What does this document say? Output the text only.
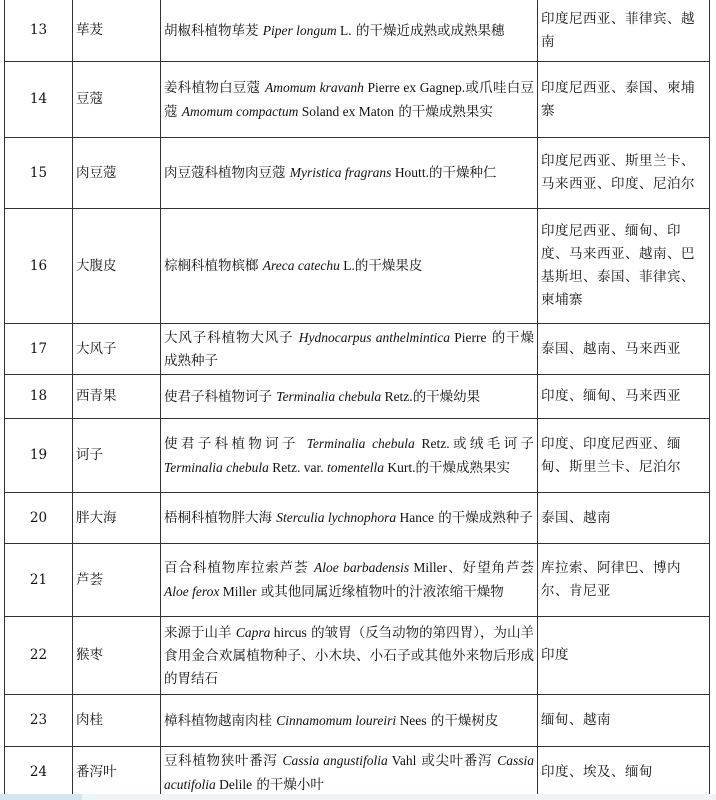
13	荜茇	胡椒科植物荜茇 Piper longum L. 的干燥近成熟或成熟果穗	印度尼西亚、菲律宾、越南
14	豆蔻	姜科植物白豆蔻 Amomum kravanh Pierre ex Gagnep.或爪哇白豆蔻 Amomum compactum Soland ex Maton 的干燥成熟果实	印度尼西亚、泰国、柬埔寨
15	肉豆蔻	肉豆蔻科植物肉豆蔻 Myristica fragrans Houtt.的干燥种仁	印度尼西亚、斯里兰卡、马来西亚、印度、尼泊尔
16	大腹皮	棕榈科植物槟榔 Areca catechu L.的干燥果皮	印度尼西亚、缅甸、印度、马来西亚、越南、巴基斯坦、泰国、菲律宾、柬埔寨
17	大风子	大风子科植物大风子 Hydnocarpus anthelmintica Pierre 的干燥成熟种子	泰国、越南、马来西亚
18	西青果	使君子科植物诃子 Terminalia chebula Retz.的干燥幼果	印度、缅甸、马来西亚
19	诃子	使君子科植物诃子 Terminalia chebula Retz.或绒毛诃子 Terminalia chebula Retz. var. tomentella Kurt.的干燥成熟果实	印度、印度尼西亚、缅甸、斯里兰卡、尼泊尔
20	胖大海	梧桐科植物胖大海 Sterculia lychnophora Hance 的干燥成熟种子	泰国、越南
21	芦荟	百合科植物库拉索芦荟 Aloe barbadensis Miller、好望角芦荟 Aloe ferox Miller 或其他同属近缘植物叶的汁液浓缩干燥物	库拉索、阿律巴、博内尔、肯尼亚
22	猴枣	来源于山羊 Capra hircus 的皱胃（反刍动物的第四胃），为山羊食用金合欢属植物种子、小木块、小石子或其他外来物后形成的胃结石	印度
23	肉桂	樟科植物越南肉桂 Cinnamomum loureiri Nees 的干燥树皮	缅甸、越南
24	番泻叶	豆科植物狭叶番泻 Cassia angustifolia Vahl 或尖叶番泻 Cassia acutifolia Delile 的干燥小叶	印度、埃及、缅甸
